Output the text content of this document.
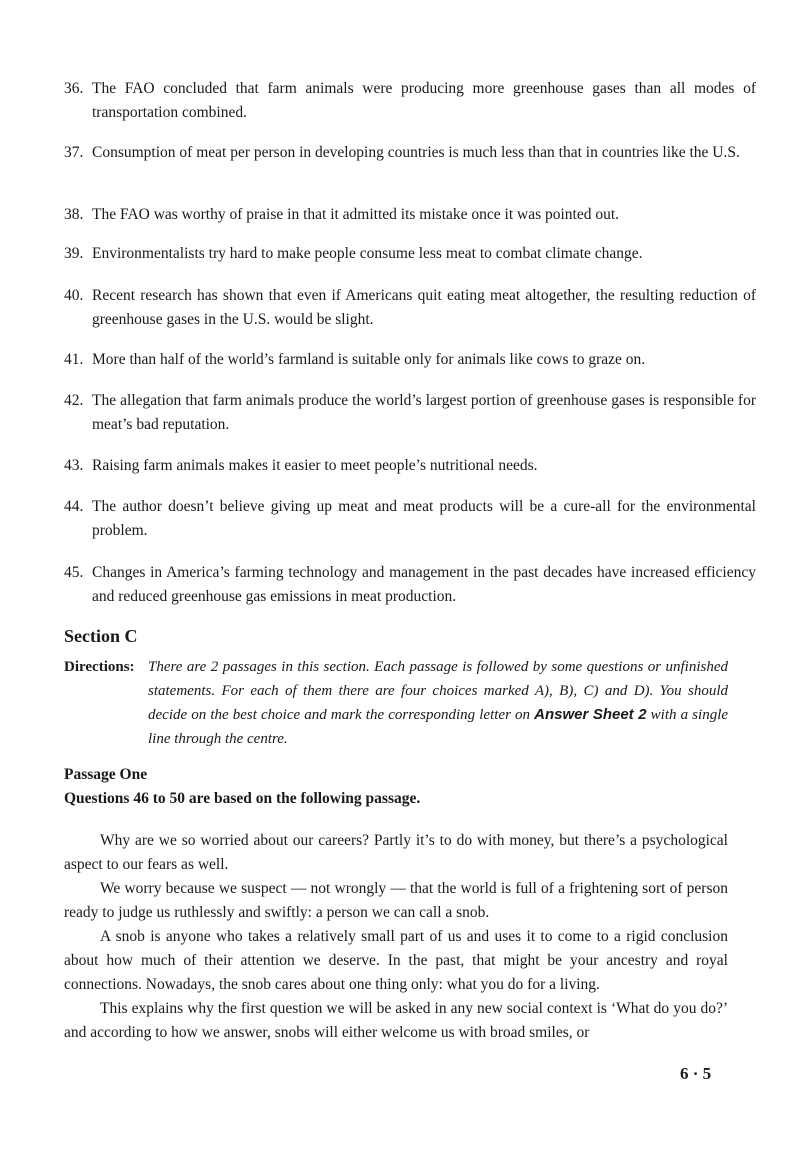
36. The FAO concluded that farm animals were producing more greenhouse gases than all modes of transportation combined.

37. Consumption of meat per person in developing countries is much less than that in countries like the U.S.

38. The FAO was worthy of praise in that it admitted its mistake once it was pointed out.

39. Environmentalists try hard to make people consume less meat to combat climate change.

40. Recent research has shown that even if Americans quit eating meat altogether, the resulting reduction of greenhouse gases in the U.S. would be slight.

41. More than half of the world’s farmland is suitable only for animals like cows to graze on.

42. The allegation that farm animals produce the world’s largest portion of greenhouse gases is responsible for meat’s bad reputation.

43. Raising farm animals makes it easier to meet people’s nutritional needs.

44. The author doesn’t believe giving up meat and meat products will be a cure-all for the environmental problem.

45. Changes in America’s farming technology and management in the past decades have increased efficiency and reduced greenhouse gas emissions in meat production.

Section C
Directions: There are 2 passages in this section. Each passage is followed by some questions or unfinished statements. For each of them there are four choices marked A), B), C) and D). You should decide on the best choice and mark the corresponding letter on Answer Sheet 2 with a single line through the centre.
Passage One
Questions 46 to 50 are based on the following passage.

Why are we so worried about our careers? Partly it’s to do with money, but there’s a psychological aspect to our fears as well.

We worry because we suspect — not wrongly — that the world is full of a frightening sort of person ready to judge us ruthlessly and swiftly: a person we can call a snob.

A snob is anyone who takes a relatively small part of us and uses it to come to a rigid conclusion about how much of their attention we deserve. In the past, that might be your ancestry and royal connections. Nowadays, the snob cares about one thing only: what you do for a living.

This explains why the first question we will be asked in any new social context is ‘What do you do?’ and according to how we answer, snobs will either welcome us with broad smiles, or

6 · 5
